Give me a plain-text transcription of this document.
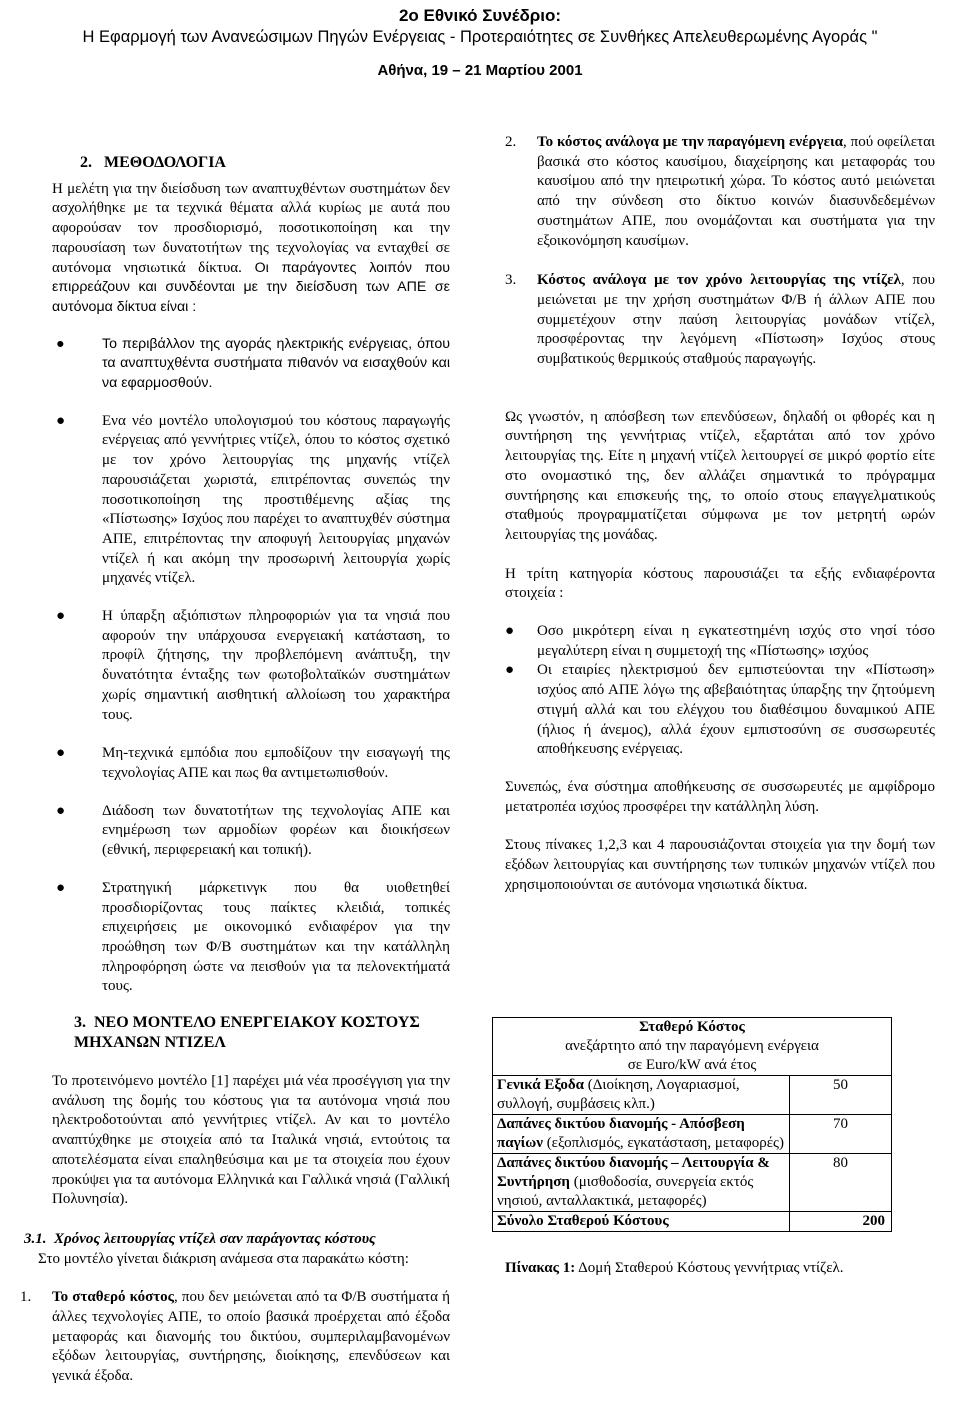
2ο Εθνικό Συνέδριο:
Η Εφαρμογή των Ανανεώσιμων Πηγών Ενέργειας - Προτεραιότητες σε Συνθήκες Απελευθερωμένης Αγοράς "
Αθήνα, 19 – 21 Μαρτίου 2001
2.   ΜΕΘΟΔΟΛΟΓΙΑ

Η μελέτη για την διείσδυση των αναπτυχθέντων συστημάτων δεν ασχολήθηκε με τα τεχνικά θέματα αλλά κυρίως με αυτά που αφορούσαν τον προσδιορισμό, ποσοτικοποίηση και την παρουσίαση των δυνατοτήτων της τεχνολογίας να ενταχθεί σε αυτόνομα νησιωτικά δίκτυα. Οι παράγοντες λοιπόν που επιρρεάζουν και συνδέονται με την διείσδυση των ΑΠΕ σε αυτόνομα δίκτυα είναι :

●	Το περιβάλλον της αγοράς ηλεκτρικής ενέργειας, όπου τα αναπτυχθέντα συστήματα πιθανόν να εισαχθούν και να εφαρμοσθούν.
● Ενα νέο μοντέλο υπολογισμού του κόστους παραγωγής ενέργειας από γεννήτριες ντίζελ, όπου το κόστος σχετικό με τον χρόνο λειτουργίας της μηχανής ντίζελ παρουσιάζεται χωριστά, επιτρέποντας συνεπώς την ποσοτικοποίηση της προστιθέμενης αξίας της «Πίστωσης» Ισχύος που παρέχει το αναπτυχθέν σύστημα ΑΠΕ, επιτρέποντας την αποφυγή λειτουργίας μηχανών ντίζελ ή και ακόμη την προσωρινή λειτουργία χωρίς μηχανές ντίζελ.
● Η ύπαρξη αξιόπιστων πληροφοριών για τα νησιά που αφορούν την υπάρχουσα ενεργειακή κατάσταση, το προφίλ ζήτησης, την προβλεπόμενη ανάπτυξη, την δυνατότητα ένταξης των φωτοβολταϊκών συστημάτων χωρίς σημαντική αισθητική αλλοίωση του χαρακτήρα τους.
● Μη-τεχνικά εμπόδια που εμποδίζουν την εισαγωγή της τεχνολογίας ΑΠΕ και πως θα αντιμετωπισθούν.
● Διάδοση των δυνατοτήτων της τεχνολογίας ΑΠΕ και ενημέρωση των αρμοδίων φορέων και διοικήσεων (εθνική, περιφερειακή και τοπική).
● Στρατηγική μάρκετινγκ που θα υιοθετηθεί προσδιορίζοντας τους παίκτες κλειδιά, τοπικές επιχειρήσεις με οικονομικό ενδιαφέρον για την προώθηση των Φ/Β συστημάτων και την κατάλληλη πληροφόρηση ώστε να πεισθούν για τα πελονεκτήματά τους.
3.  ΝΕΟ ΜΟΝΤΕΛΟ ΕΝΕΡΓΕΙΑΚΟΥ ΚΟΣΤΟΥΣ ΜΗΧΑΝΩΝ ΝΤΙΖΕΛ

Το προτεινόμενο μοντέλο [1] παρέχει μιά νέα προσέγγιση για την ανάλυση της δομής του κόστους για τα αυτόνομα νησιά που ηλεκτροδοτούνται από γεννήτριες ντίζελ. Αν και το μοντέλο αναπτύχθηκε με στοιχεία από τα Ιταλικά νησιά, εντούτοις τα αποτελέσματα είναι επαληθεύσιμα και με τα στοιχεία που έχουν προκύψει για τα αυτόνομα Ελληνικά και Γαλλικά νησιά (Γαλλική Πολυνησία).

3.1.  Χρόνος λειτουργίας ντίζελ σαν παράγοντας κόστους
Στο μοντέλο γίνεται διάκριση ανάμεσα στα παρακάτω κόστη:
1. Το σταθερό κόστος, που δεν μειώνεται από τα Φ/Β συστήματα ή άλλες τεχνολογίες ΑΠΕ, το οποίο βασικά προέρχεται από έξοδα μεταφοράς και διανομής του δικτύου, συμπεριλαμβανομένων εξόδων λειτουργίας, συντήρησης, διοίκησης, επενδύσεων και γενικά έξοδα.
2. Το κόστος ανάλογα με την παραγόμενη ενέργεια, πού οφείλεται βασικά στο κόστος καυσίμου, διαχείρησης και μεταφοράς του καυσίμου από την ηπειρωτική χώρα. Το κόστος αυτό μειώνεται από την σύνδεση στο δίκτυο κοινών διασυνδεδεμένων συστημάτων ΑΠΕ, που ονομάζονται και συστήματα για την εξοικονόμηση καυσίμων.
3. Κόστος ανάλογα με τον χρόνο λειτουργίας της ντίζελ, που μειώνεται με την χρήση συστημάτων Φ/Β ή άλλων ΑΠΕ που συμμετέχουν στην παύση λειτουργίας μονάδων ντίζελ, προσφέροντας την λεγόμενη «Πίστωση» Ισχύος στους συμβατικούς θερμικούς σταθμούς παραγωγής.

Ως γνωστόν, η απόσβεση των επενδύσεων, δηλαδή οι φθορές και η συντήρηση της γεννήτριας ντίζελ, εξαρτάται από τον χρόνο λειτουργίας της. Είτε η μηχανή ντίζελ λειτουργεί σε μικρό φορτίο είτε στο ονομαστικό της, δεν αλλάζει σημαντικά το πρόγραμμα συντήρησης και επισκευής της, το οποίο στους επαγγελματικούς σταθμούς προγραμματίζεται σύμφωνα με τον μετρητή ωρών λειτουργίας της μονάδας.

Η τρίτη κατηγορία κόστους παρουσιάζει τα εξής ενδιαφέροντα στοιχεία :

● Οσο μικρότερη είναι η εγκατεστημένη ισχύς στο νησί τόσο μεγαλύτερη είναι η συμμετοχή της «Πίστωσης» ισχύος
● Οι εταιρίες ηλεκτρισμού δεν εμπιστεύονται την «Πίστωση» ισχύος από ΑΠΕ λόγω της αβεβαιότητας ύπαρξης την ζητούμενη στιγμή αλλά και του ελέγχου του διαθέσιμου δυναμικού ΑΠΕ (ήλιος ή άνεμος), αλλά έχουν εμπιστοσύνη σε συσσωρευτές αποθήκευσης ενέργειας.

Συνεπώς, ένα σύστημα αποθήκευσης σε συσσωρευτές με αμφίδρομο μετατροπέα ισχύος προσφέρει την κατάλληλη λύση.

Στους πίνακες 1,2,3 και 4 παρουσιάζονται στοιχεία για την δομή των εξόδων λειτουργίας και συντήρησης των τυπικών μηχανών ντίζελ που χρησιμοποιούνται σε αυτόνομα νησιωτικά δίκτυα.

Σταθερό Κόστος
ανεξάρτητο από την παραγόμενη ενέργεια
σε Euro/kW ανά έτος	

Γενικά Εξοδα (Διοίκηση, Λογαριασμοί, συλλογή, συμβάσεις κλπ.)	50
Δαπάνες δικτύου διανομής - Απόσβεση παγίων (εξοπλισμός, εγκατάσταση, μεταφορές)	70
Δαπάνες δικτύου διανομής – Λειτουργία & Συντήρηση (μισθοδοσία, συνεργεία εκτός νησιού, ανταλλακτικά, μεταφορές)	80
Σύνολο Σταθερού Κόστους	200
Πίνακας 1: Δομή Σταθερού Κόστους γεννήτριας ντίζελ.
